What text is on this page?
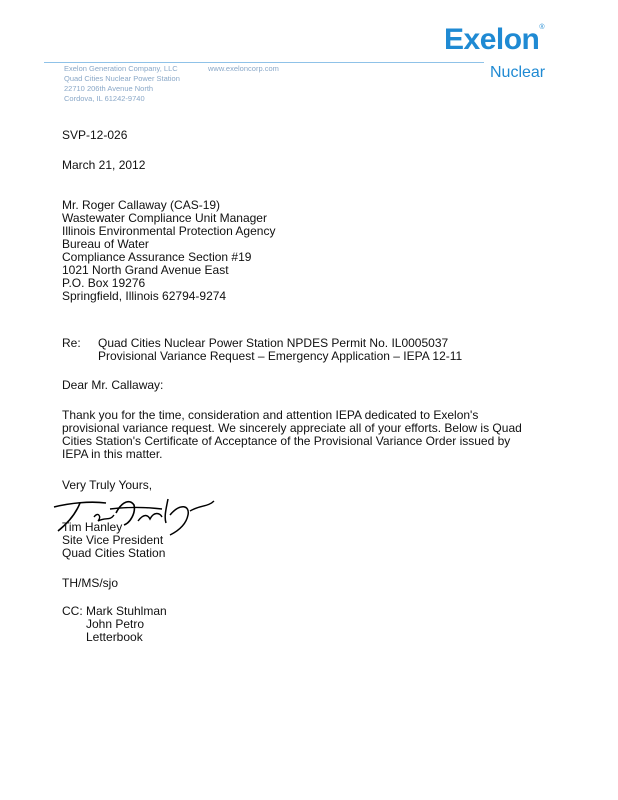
Exelon®
Nuclear
Exelon Generation Company, LLC
Quad Cities Nuclear Power Station
22710 206th Avenue North
Cordova, IL 61242-9740
www.exeloncorp.com
SVP-12-026
March 21, 2012
Mr. Roger Callaway (CAS-19)
Wastewater Compliance Unit Manager
Illinois Environmental Protection Agency
Bureau of Water
Compliance Assurance Section #19
1021 North Grand Avenue East
P.O. Box 19276
Springfield, Illinois 62794-9274
Re: Quad Cities Nuclear Power Station NPDES Permit No. IL0005037
Provisional Variance Request – Emergency Application – IEPA 12-11
Dear Mr. Callaway:
Thank you for the time, consideration and attention IEPA dedicated to Exelon's
provisional variance request. We sincerely appreciate all of your efforts. Below is Quad
Cities Station's Certificate of Acceptance of the Provisional Variance Order issued by
IEPA in this matter.
Very Truly Yours,
Tim Hanley
Site Vice President
Quad Cities Station
TH/MS/sjo
CC: Mark Stuhlman
John Petro
Letterbook
